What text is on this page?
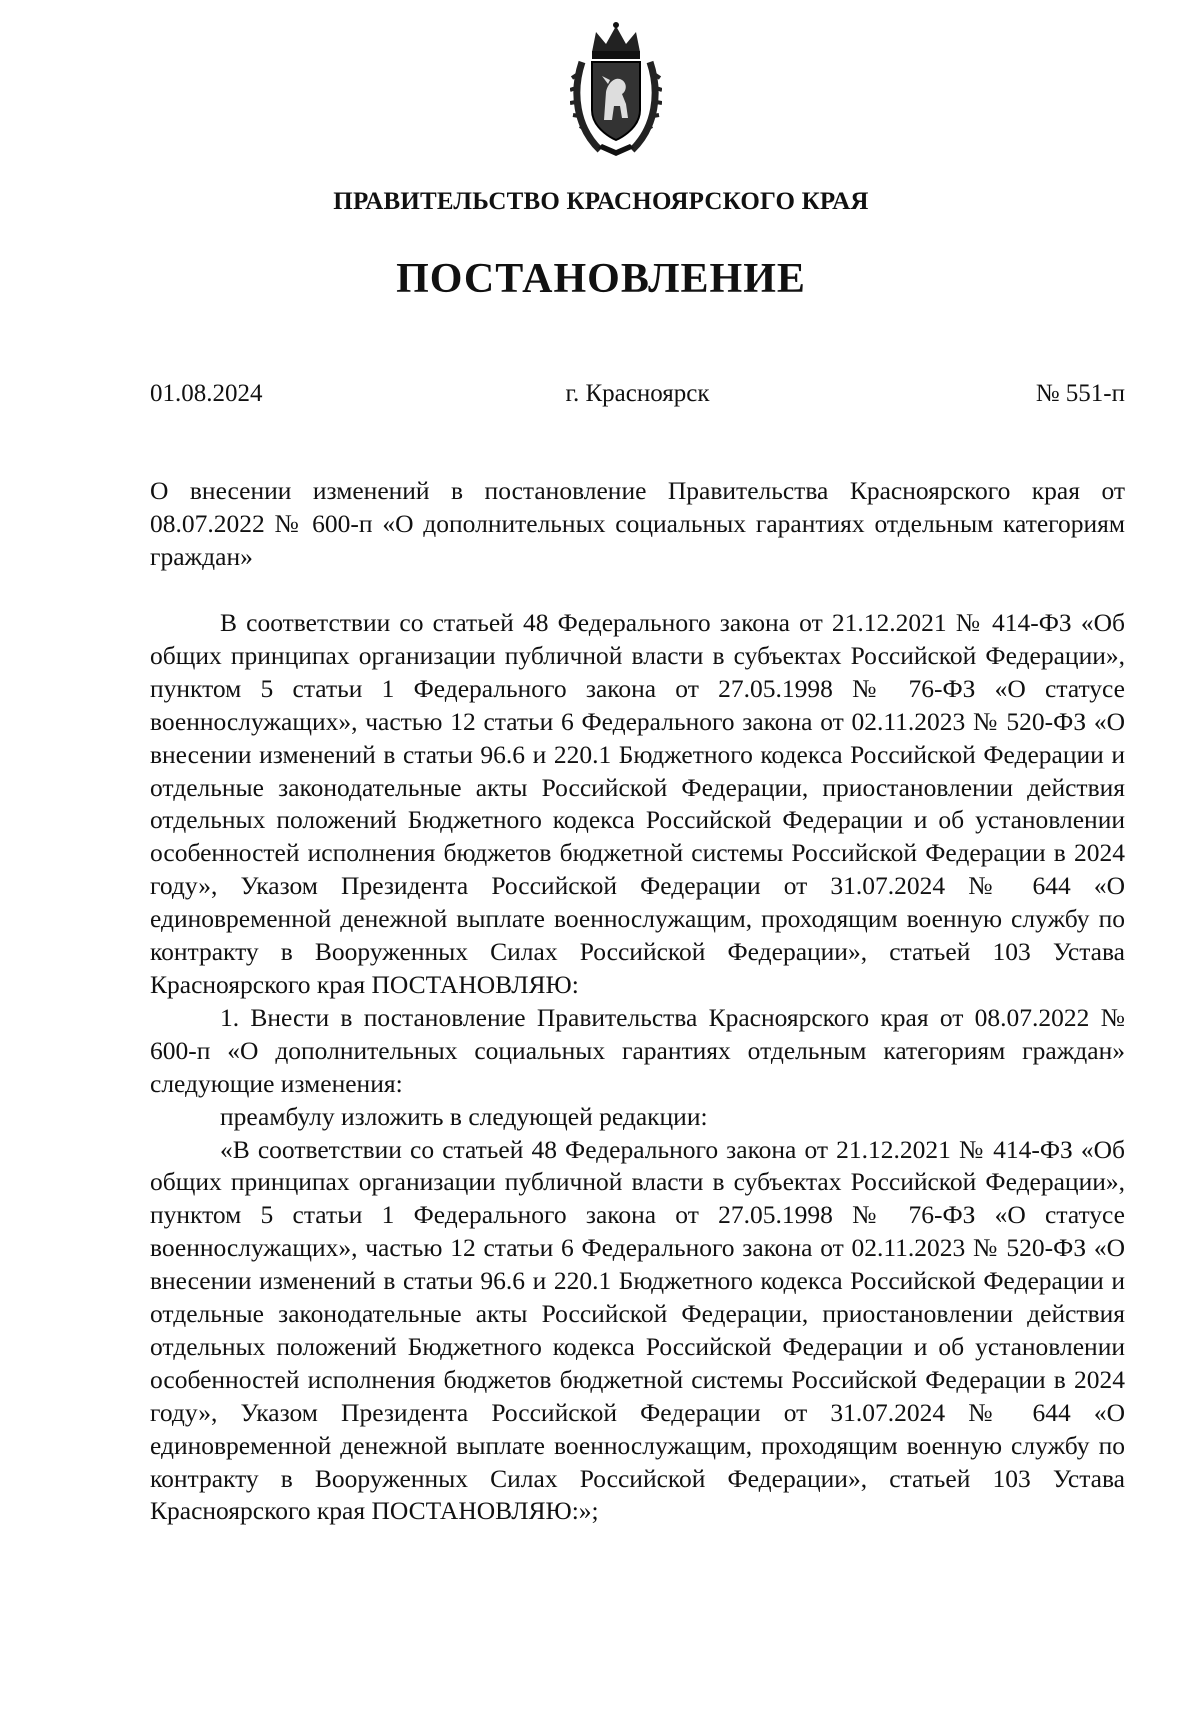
ПРАВИТЕЛЬСТВО КРАСНОЯРСКОГО КРАЯ
ПОСТАНОВЛЕНИЕ
01.08.2024	г. Красноярск	№ 551-п

О внесении изменений в постановление Правительства Красноярского края от 08.07.2022 № 600-п «О дополнительных социальных гарантиях отдельным категориям граждан»

В соответствии со статьей 48 Федерального закона от 21.12.2021 № 414-ФЗ «Об общих принципах организации публичной власти в субъектах Российской Федерации», пунктом 5 статьи 1 Федерального закона от 27.05.1998 № 76-ФЗ «О статусе военнослужащих», частью 12 статьи 6 Федерального закона от 02.11.2023 № 520-ФЗ «О внесении изменений в статьи 96.6 и 220.1 Бюджетного кодекса Российской Федерации и отдельные законодательные акты Российской Федерации, приостановлении действия отдельных положений Бюджетного кодекса Российской Федерации и об установлении особенностей исполнения бюджетов бюджетной системы Российской Федерации в 2024 году», Указом Президента Российской Федерации от 31.07.2024 № 644 «О единовременной денежной выплате военнослужащим, проходящим военную службу по контракту в Вооруженных Силах Российской Федерации», статьей 103 Устава Красноярского края ПОСТАНОВЛЯЮ:

1. Внести в постановление Правительства Красноярского края от 08.07.2022 № 600-п «О дополнительных социальных гарантиях отдельным категориям граждан» следующие изменения:

преамбулу изложить в следующей редакции:

«В соответствии со статьей 48 Федерального закона от 21.12.2021 № 414-ФЗ «Об общих принципах организации публичной власти в субъектах Российской Федерации», пунктом 5 статьи 1 Федерального закона от 27.05.1998 № 76-ФЗ «О статусе военнослужащих», частью 12 статьи 6 Федерального закона от 02.11.2023 № 520-ФЗ «О внесении изменений в статьи 96.6 и 220.1 Бюджетного кодекса Российской Федерации и отдельные законодательные акты Российской Федерации, приостановлении действия отдельных положений Бюджетного кодекса Российской Федерации и об установлении особенностей исполнения бюджетов бюджетной системы Российской Федерации в 2024 году», Указом Президента Российской Федерации от 31.07.2024 № 644 «О единовременной денежной выплате военнослужащим, проходящим военную службу по контракту в Вооруженных Силах Российской Федерации», статьей 103 Устава Красноярского края ПОСТАНОВЛЯЮ:»;
